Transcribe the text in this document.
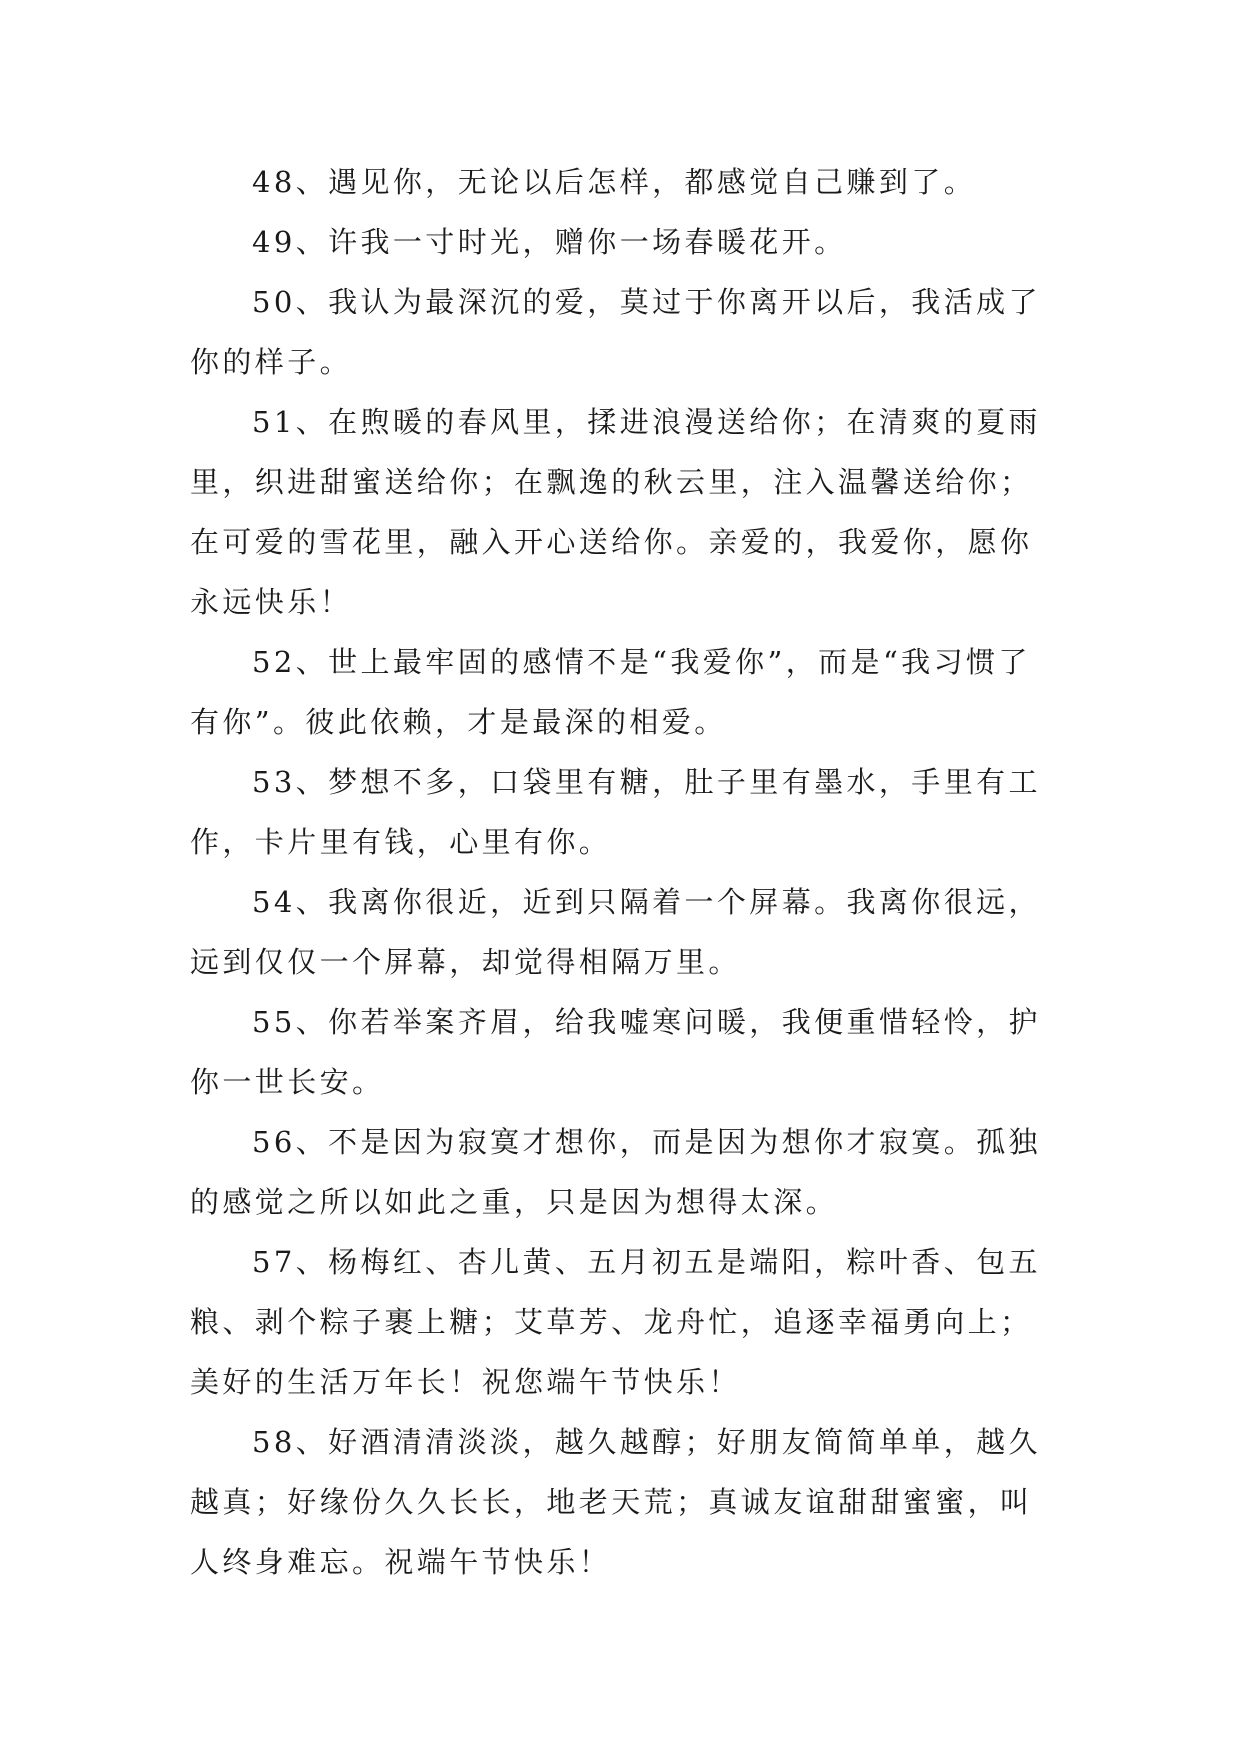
48、遇见你，无论以后怎样，都感觉自己赚到了。

49、许我一寸时光，赠你一场春暖花开。

50、我认为最深沉的爱，莫过于你离开以后，我活成了你的样子。

51、在煦暖的春风里，揉进浪漫送给你；在清爽的夏雨里，织进甜蜜送给你；在飘逸的秋云里，注入温馨送给你；在可爱的雪花里，融入开心送给你。亲爱的，我爱你，愿你永远快乐！

52、世上最牢固的感情不是“我爱你”，而是“我习惯了有你”。彼此依赖，才是最深的相爱。

53、梦想不多，口袋里有糖，肚子里有墨水，手里有工作，卡片里有钱，心里有你。

54、我离你很近，近到只隔着一个屏幕。我离你很远，远到仅仅一个屏幕，却觉得相隔万里。

55、你若举案齐眉，给我嘘寒问暖，我便重惜轻怜，护你一世长安。

56、不是因为寂寞才想你，而是因为想你才寂寞。孤独的感觉之所以如此之重，只是因为想得太深。

57、杨梅红、杏儿黄、五月初五是端阳，粽叶香、包五粮、剥个粽子裹上糖；艾草芳、龙舟忙，追逐幸福勇向上；美好的生活万年长！祝您端午节快乐！

58、好酒清清淡淡，越久越醇；好朋友简简单单，越久越真；好缘份久久长长，地老天荒；真诚友谊甜甜蜜蜜，叫人终身难忘。祝端午节快乐！
